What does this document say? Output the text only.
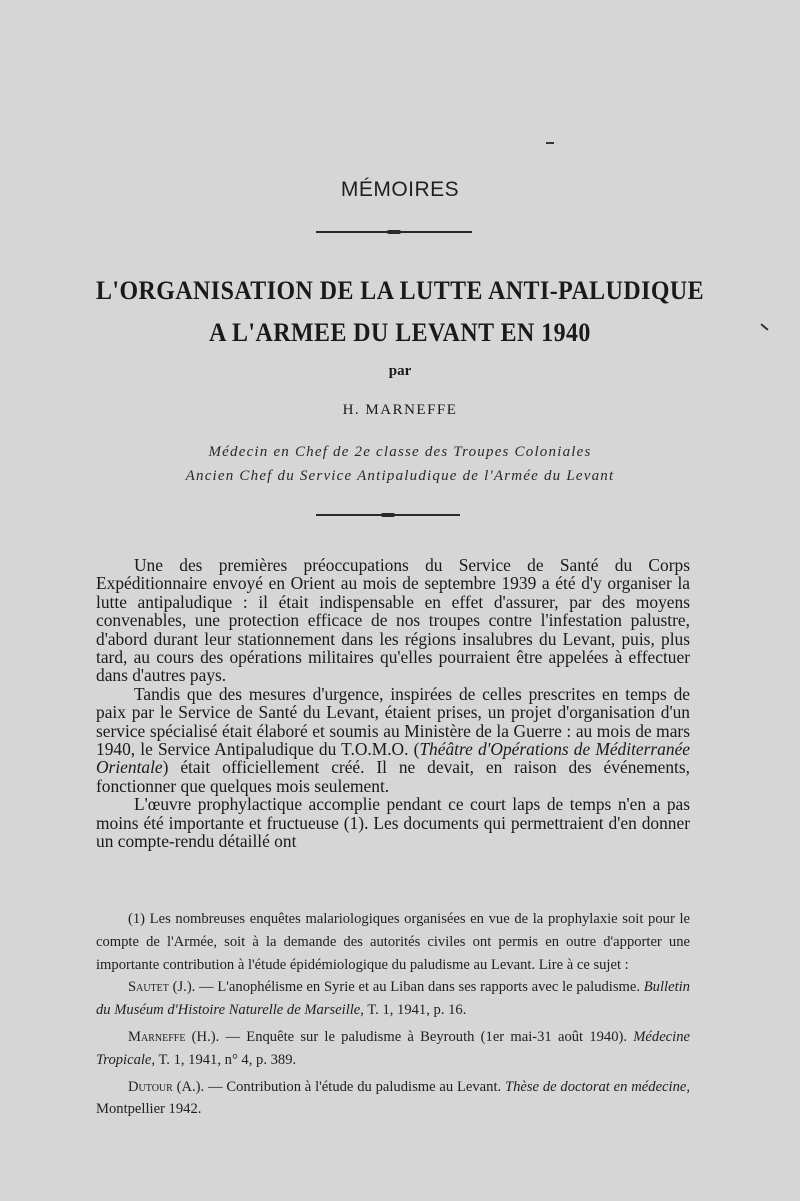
MÉMOIRES
L'ORGANISATION DE LA LUTTE ANTI-PALUDIQUE
A L'ARMEE DU LEVANT EN 1940
par
H. MARNEFFE
Médecin en Chef de 2e classe des Troupes Coloniales
Ancien Chef du Service Antipaludique de l'Armée du Levant

Une des premières préoccupations du Service de Santé du Corps Expéditionnaire envoyé en Orient au mois de septembre 1939 a été d'y organiser la lutte antipaludique : il était indispensable en effet d'assurer, par des moyens convenables, une protection efficace de nos troupes contre l'infestation palustre, d'abord durant leur stationnement dans les régions insalubres du Levant, puis, plus tard, au cours des opérations militaires qu'elles pourraient être appelées à effectuer dans d'autres pays.

Tandis que des mesures d'urgence, inspirées de celles prescrites en temps de paix par le Service de Santé du Levant, étaient prises, un projet d'organisation d'un service spécialisé était élaboré et soumis au Ministère de la Guerre : au mois de mars 1940, le Service Antipaludique du T.O.M.O. (Théâtre d'Opérations de Méditerranée Orientale) était officiellement créé. Il ne devait, en raison des événements, fonctionner que quelques mois seulement.

L'œuvre prophylactique accomplie pendant ce court laps de temps n'en a pas moins été importante et fructueuse (1). Les documents qui permettraient d'en donner un compte-rendu détaillé ont

(1) Les nombreuses enquêtes malariologiques organisées en vue de la prophylaxie soit pour le compte de l'Armée, soit à la demande des autorités civiles ont permis en outre d'apporter une importante contribution à l'étude épidémiologique du paludisme au Levant. Lire à ce sujet :

Sautet (J.). — L'anophélisme en Syrie et au Liban dans ses rapports avec le paludisme. Bulletin du Muséum d'Histoire Naturelle de Marseille, T. 1, 1941, p. 16.

Marneffe (H.). — Enquête sur le paludisme à Beyrouth (1er mai-31 août 1940). Médecine Tropicale, T. 1, 1941, n° 4, p. 389.

Dutour (A.). — Contribution à l'étude du paludisme au Levant. Thèse de doctorat en médecine, Montpellier 1942.
